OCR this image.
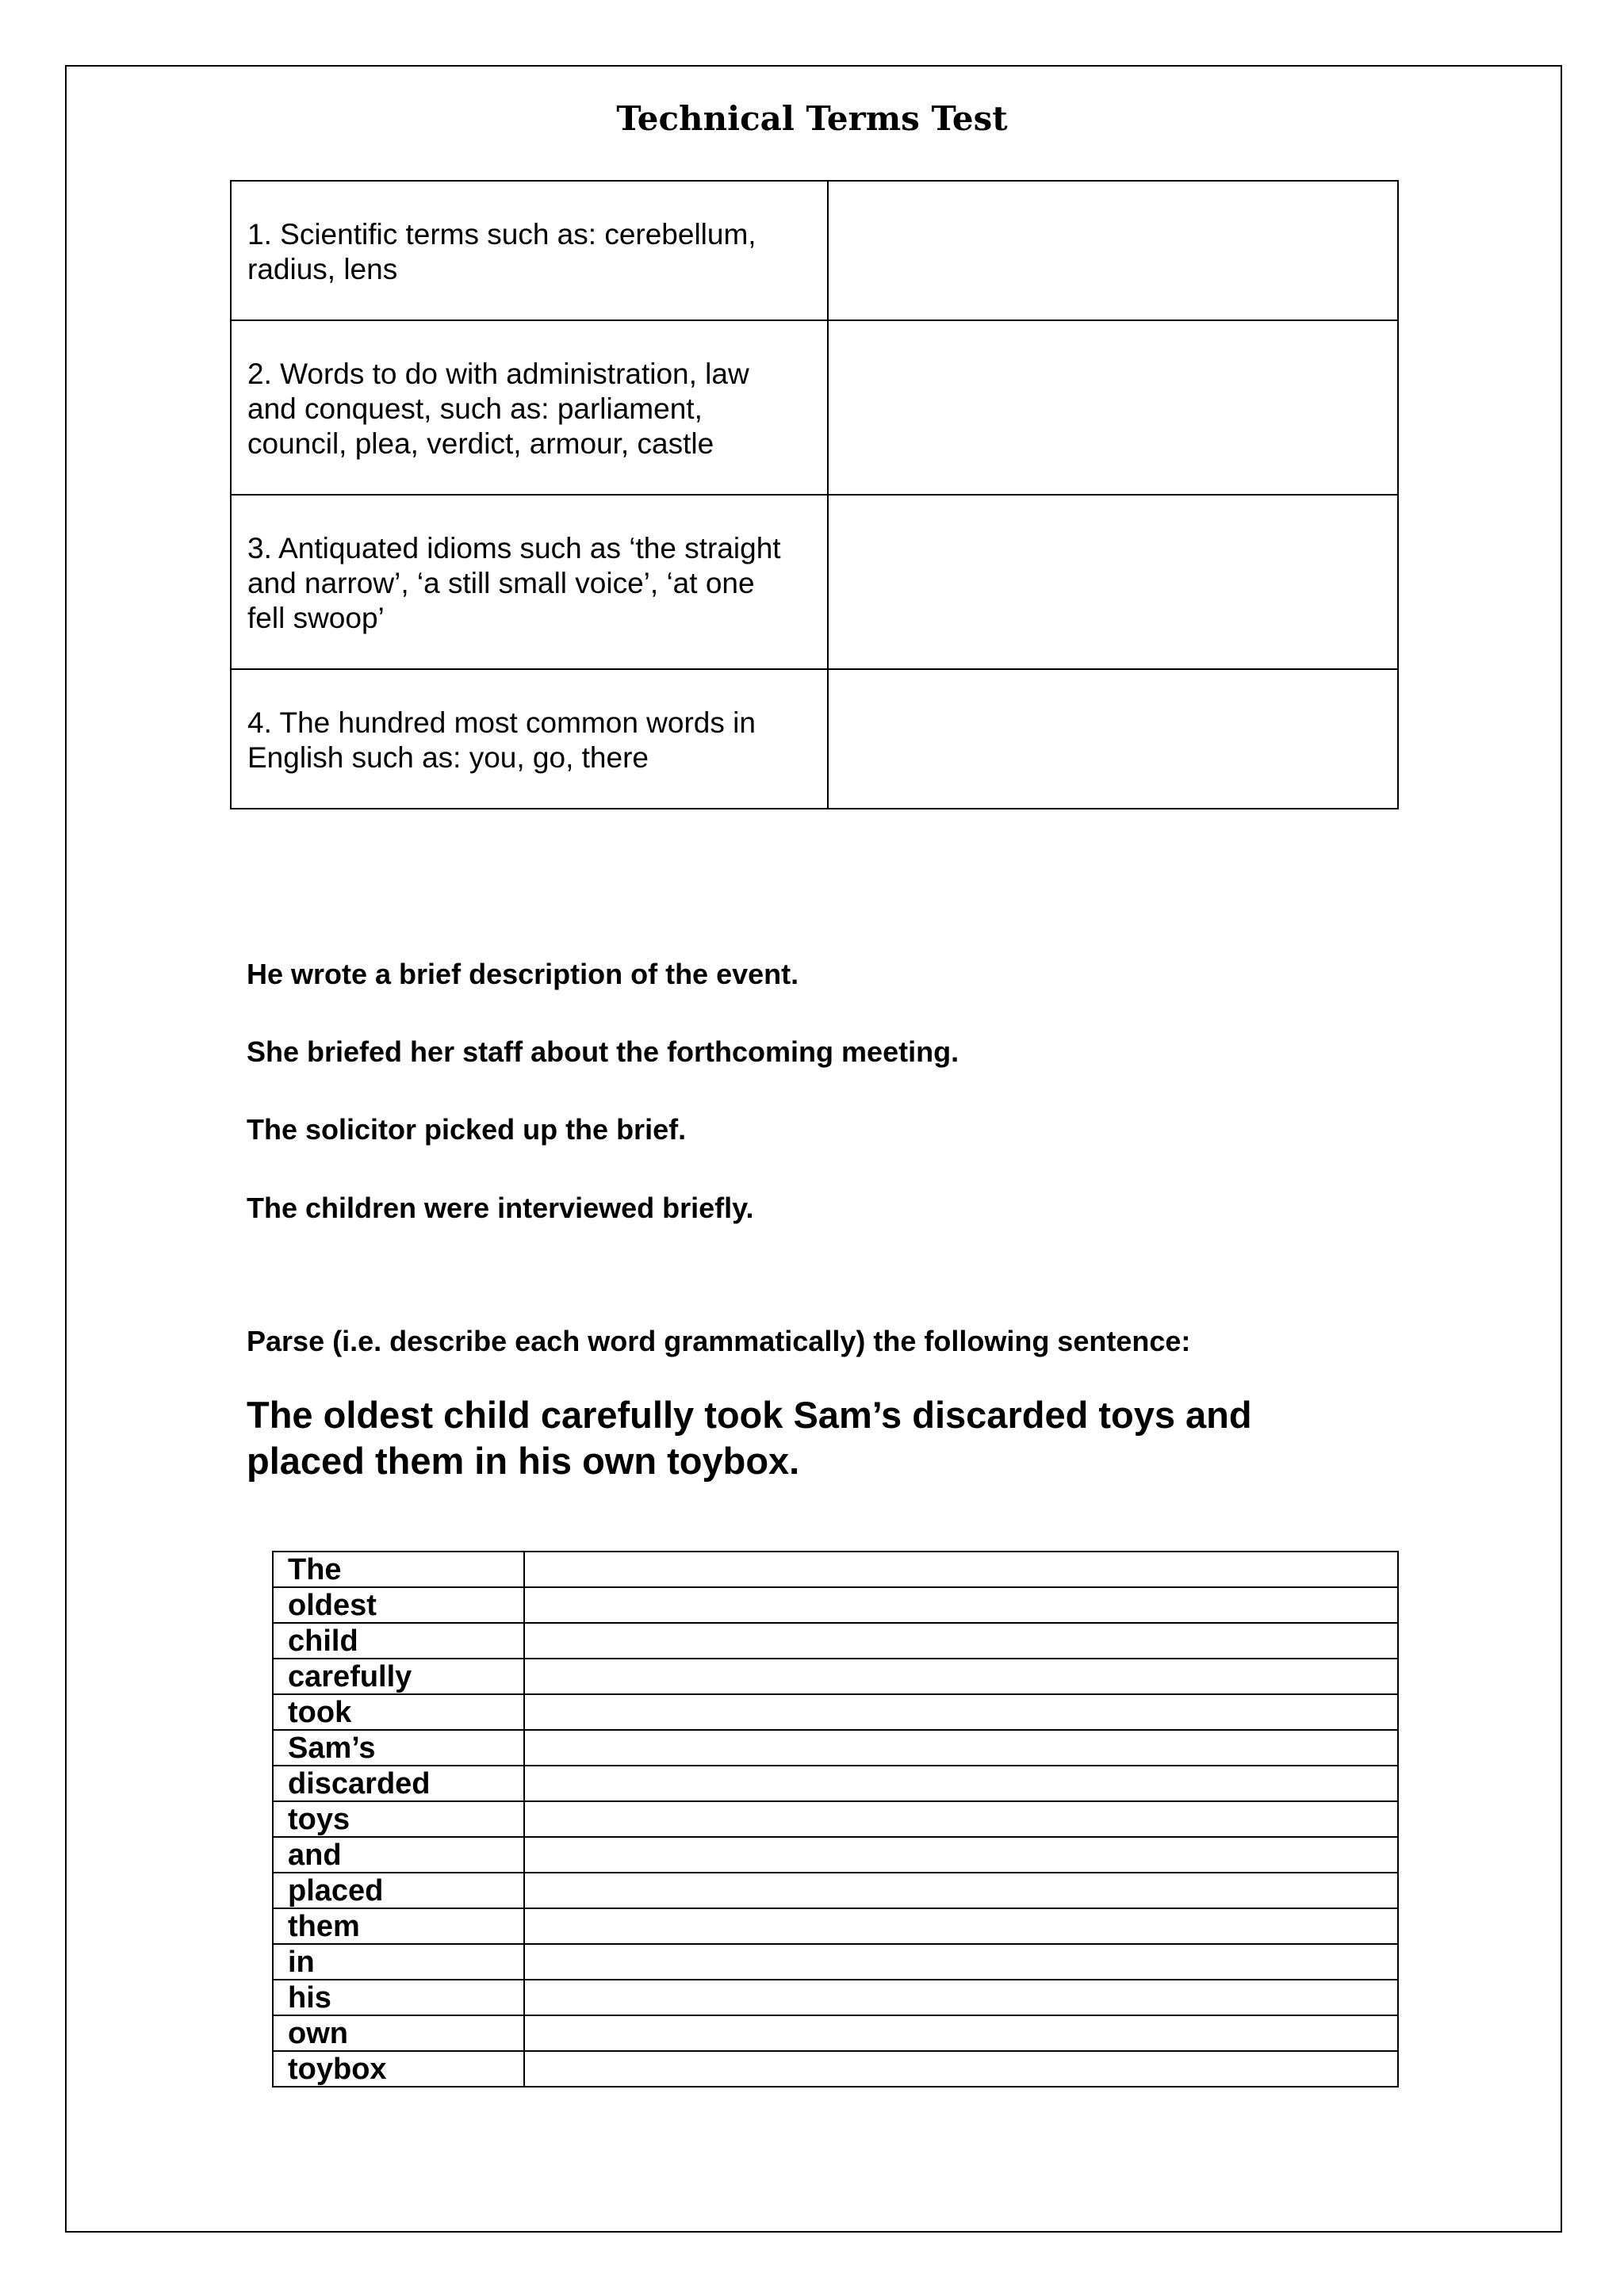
Technical Terms Test
1. Scientific terms such as: cerebellum,
radius, lens	

2. Words to do with administration, law
and conquest, such as: parliament,
council, plea, verdict, armour, castle	

3. Antiquated idioms such as ‘the straight
and narrow’, ‘a still small voice’, ‘at one
fell swoop’	

4. The hundred most common words in
English such as: you, go, there	

He wrote a brief description of the event.
She briefed her staff about the forthcoming meeting.
The solicitor picked up the brief.
The children were interviewed briefly.
Parse (i.e. describe each word grammatically) the following sentence:
The oldest child carefully took Sam’s discarded toys and
placed them in his own toybox.
The	
oldest	
child	
carefully	
took	
Sam’s	
discarded	
toys	
and	
placed	
them	
in	
his	
own	
toybox	
